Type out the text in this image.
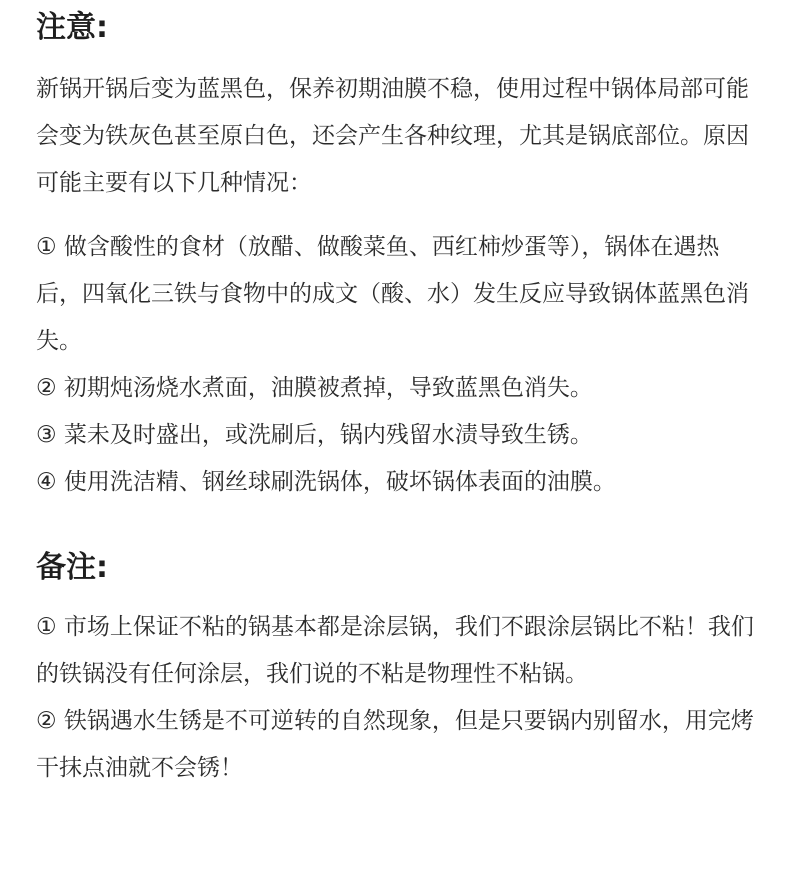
注意:

新锅开锅后变为蓝黑色，保养初期油膜不稳，使用过程中锅体局部可能会变为铁灰色甚至原白色，还会产生各种纹理，尤其是锅底部位。原因可能主要有以下几种情况：

① 做含酸性的食材（放醋、做酸菜鱼、西红柿炒蛋等），锅体在遇热后，四氧化三铁与食物中的成文（酸、水）发生反应导致锅体蓝黑色消失。

② 初期炖汤烧水煮面，油膜被煮掉，导致蓝黑色消失。

③ 菜未及时盛出，或洗刷后，锅内残留水渍导致生锈。

④ 使用洗洁精、钢丝球刷洗锅体，破坏锅体表面的油膜。

备注:

① 市场上保证不粘的锅基本都是涂层锅，我们不跟涂层锅比不粘！我们的铁锅没有任何涂层，我们说的不粘是物理性不粘锅。

② 铁锅遇水生锈是不可逆转的自然现象，但是只要锅内别留水，用完烤干抹点油就不会锈！
